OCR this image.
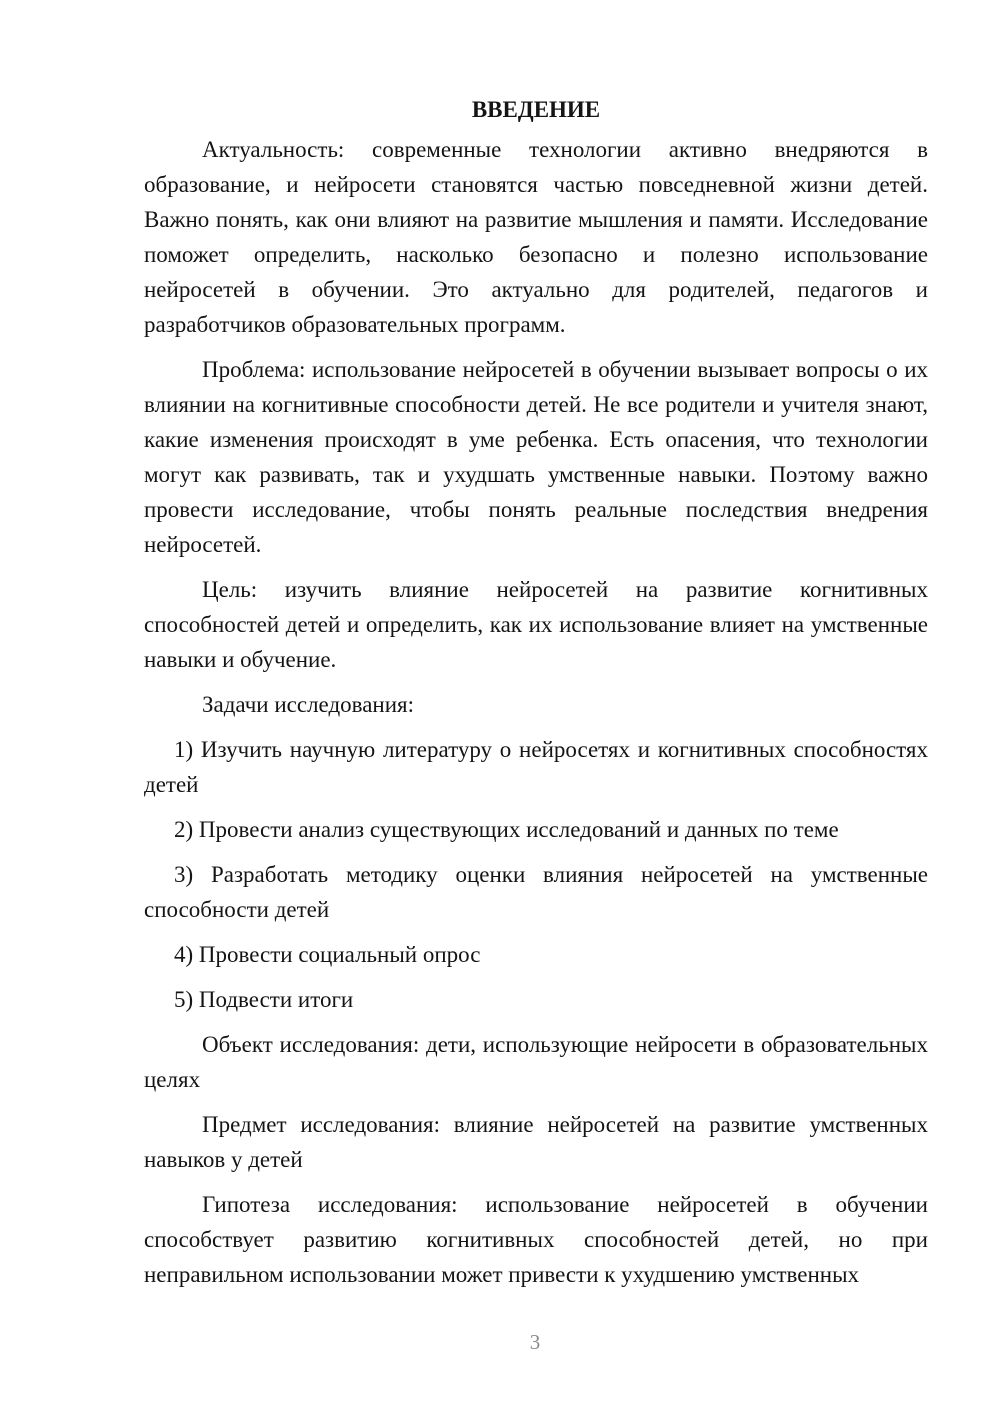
ВВЕДЕНИЕ
Актуальность: современные технологии активно внедряются в образование, и нейросети становятся частью повседневной жизни детей. Важно понять, как они влияют на развитие мышления и памяти. Исследование поможет определить, насколько безопасно и полезно использование нейросетей в обучении. Это актуально для родителей, педагогов и разработчиков образовательных программ.
Проблема: использование нейросетей в обучении вызывает вопросы о их влиянии на когнитивные способности детей. Не все родители и учителя знают, какие изменения происходят в уме ребенка. Есть опасения, что технологии могут как развивать, так и ухудшать умственные навыки. Поэтому важно провести исследование, чтобы понять реальные последствия внедрения нейросетей.
Цель: изучить влияние нейросетей на развитие когнитивных способностей детей и определить, как их использование влияет на умственные навыки и обучение.
Задачи исследования:
1) Изучить научную литературу о нейросетях и когнитивных способностях детей
2) Провести анализ существующих исследований и данных по теме
3) Разработать методику оценки влияния нейросетей на умственные способности детей
4) Провести социальный опрос
5) Подвести итоги
Объект исследования: дети, использующие нейросети в образовательных целях
Предмет исследования: влияние нейросетей на развитие умственных навыков у детей
Гипотеза исследования: использование нейросетей в обучении способствует развитию когнитивных способностей детей, но при неправильном использовании может привести к ухудшению умственных
3
